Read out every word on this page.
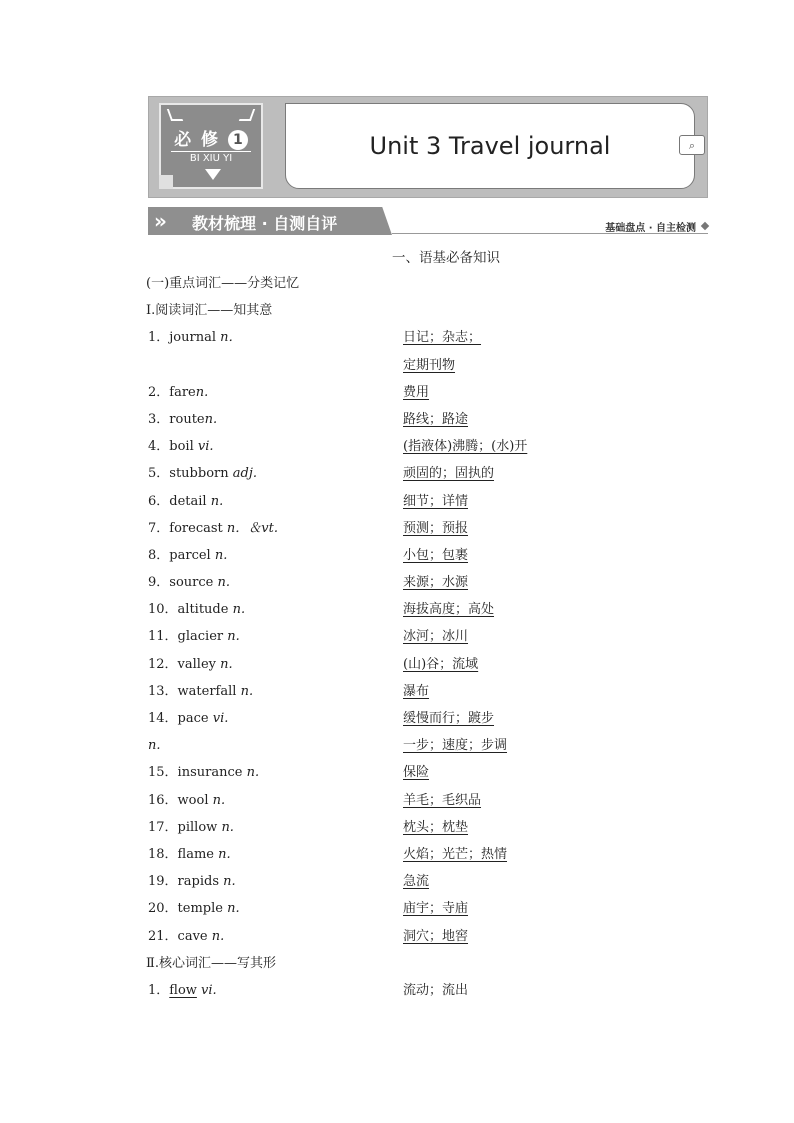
必 修 1
BI XIU YI	Unit 3 Travel journal	⌕
» 教材梳理 · 自测自评	基础盘点 · 自主检测
一、语基必备知识
(一)重点词汇——分类记忆
Ⅰ.阅读词汇——知其意
1．journal n．	日记；杂志；
定期刊物
2．faren.	费用
3．routen.	路线；路途
4．boil vi.	(指液体)沸腾；(水)开
5．stubborn adj.	顽固的；固执的
6．detail n.	细节；详情
7．forecast n．＆vt.	预测；预报
8．parcel n.	小包；包裹
9．source n.	来源；水源
10．altitude n.	海拔高度；高处
11．glacier n.	冰河；冰川
12．valley n.	(山)谷；流域
13．waterfall n.	瀑布
14．pace vi.	缓慢而行；踱步
n.	一步；速度；步调
15．insurance n.	保险
16．wool n.	羊毛；毛织品
17．pillow n.	枕头；枕垫
18．flame n.	火焰；光芒；热情
19．rapids n.	急流
20．temple n.	庙宇；寺庙
21．cave n.	洞穴；地窖
Ⅱ.核心词汇——写其形
1．flow vi.	流动；流出
